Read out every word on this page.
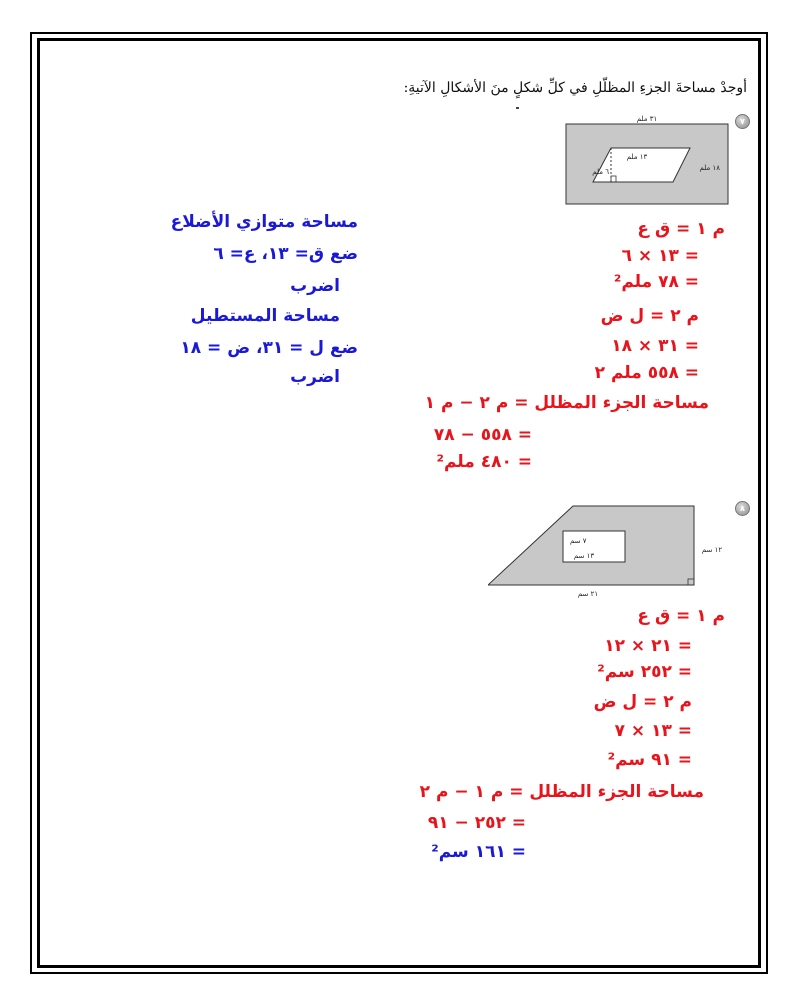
أوجدْ مساحةَ الجزءِ المظلّلِ في كلِّ شكلٍ منَ الأشكالِ الآتيةِ:
٧
٣١ ملم
١٨ ملم
١٣ ملم
٦ ملم
م ١ = ق ع
= ١٣ × ٦
= ٧٨ ملم²
م ٢ = ل ض
= ٣١ × ١٨
= ٥٥٨ ملم ٢
مساحة الجزء المظلل = م ٢ − م ١
= ٥٥٨ − ٧٨
= ٤٨٠ ملم²
مساحة متوازي الأضلاع
ضع ق= ١٣، ع= ٦
اضرب
مساحة المستطيل
ضع ل = ٣١، ض = ١٨
اضرب
٨
٢١ سم
١٢ سم
١٣ سم
٧ سم
م ١ = ق ع
= ٢١ × ١٢
= ٢٥٢ سم²
م ٢ = ل ض
= ١٣ × ٧
= ٩١ سم²
مساحة الجزء المظلل = م ١ − م ٢
= ٢٥٢ − ٩١
= ١٦١ سم²
